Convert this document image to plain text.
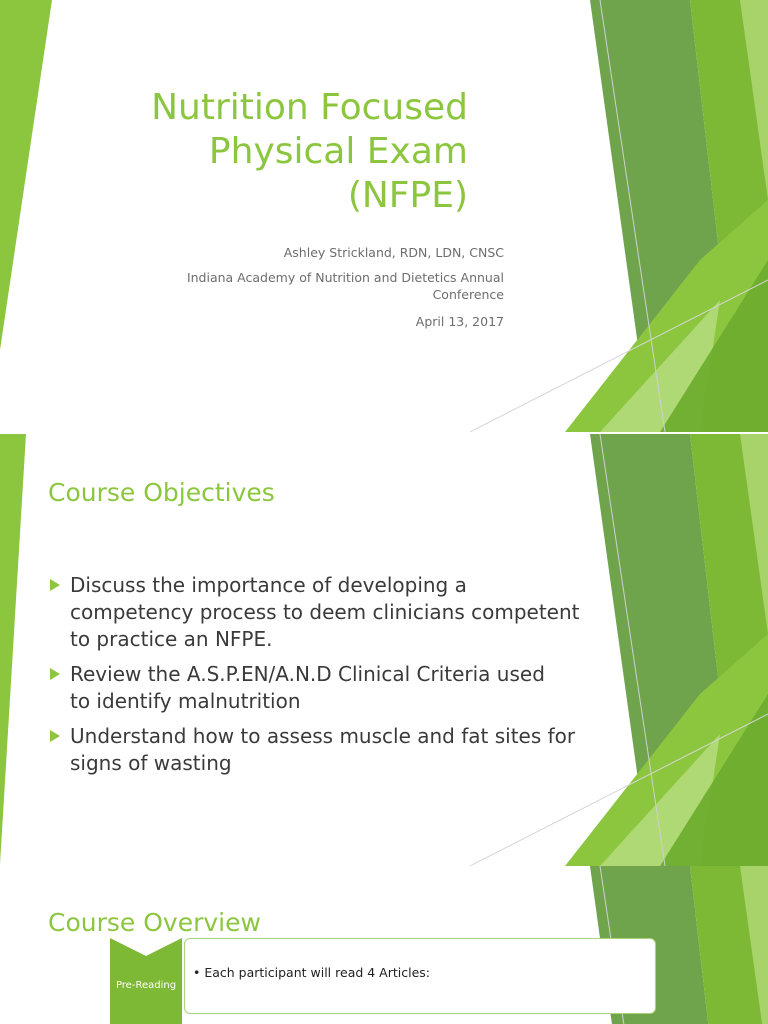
Nutrition Focused
Physical Exam
(NFPE)
Ashley Strickland, RDN, LDN, CNSC
Indiana Academy of Nutrition and Dietetics Annual
Conference
April 13, 2017
Course Objectives
Discuss the importance of developing a
competency process to deem clinicians competent
to practice an NFPE.
Review the A.S.P.EN/A.N.D Clinical Criteria used
to identify malnutrition
Understand how to assess muscle and fat sites for
signs of wasting
Course Overview
Pre-Reading
• Each participant will read 4 Articles:
